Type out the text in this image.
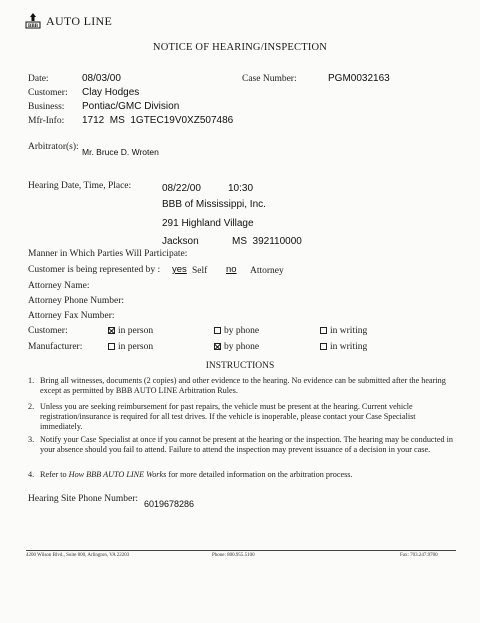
BBB AUTO LINE
NOTICE OF HEARING/INSPECTION
Date:	08/03/00	Case Number:	PGM0032163
Customer: Clay Hodges
Business: Pontiac/GMC Division
Mfr-Info: 1712  MS  1GTEC19V0XZ507486
Arbitrator(s): Mr. Bruce D. Wroten
Hearing Date, Time, Place:	08/22/00	10:30
BBB of Mississippi, Inc.
291 Highland Village
Jackson	MS  392110000
Manner in Which Parties Will Participate:
Customer is being represented by : yes Self no Attorney
Attorney Name:
Attorney Phone Number:
Attorney Fax Number:
Customer:	in person	by phone	in writing
Manufacturer:	in person	by phone	in writing
INSTRUCTIONS
1. Bring all witnesses, documents (2 copies) and other evidence to the hearing. No evidence can be submitted after the hearing except as permitted by BBB AUTO LINE Arbitration Rules.
2. Unless you are seeking reimbursement for past repairs, the vehicle must be present at the hearing. Current vehicle registration/insurance is required for all test drives. If the vehicle is inoperable, please contact your Case Specialist immediately.
3. Notify your Case Specialist at once if you cannot be present at the hearing or the inspection. The hearing may be conducted in your absence should you fail to attend. Failure to attend the inspection may prevent issuance of a decision in your case.
4. Refer to How BBB AUTO LINE Works for more detailed information on the arbitration process.
Hearing Site Phone Number: 6019678286
4200 Wilson Blvd., Suite 800, Arlington, VA 22203	Phone: 800.955.5100	Fax: 703.247.9700
